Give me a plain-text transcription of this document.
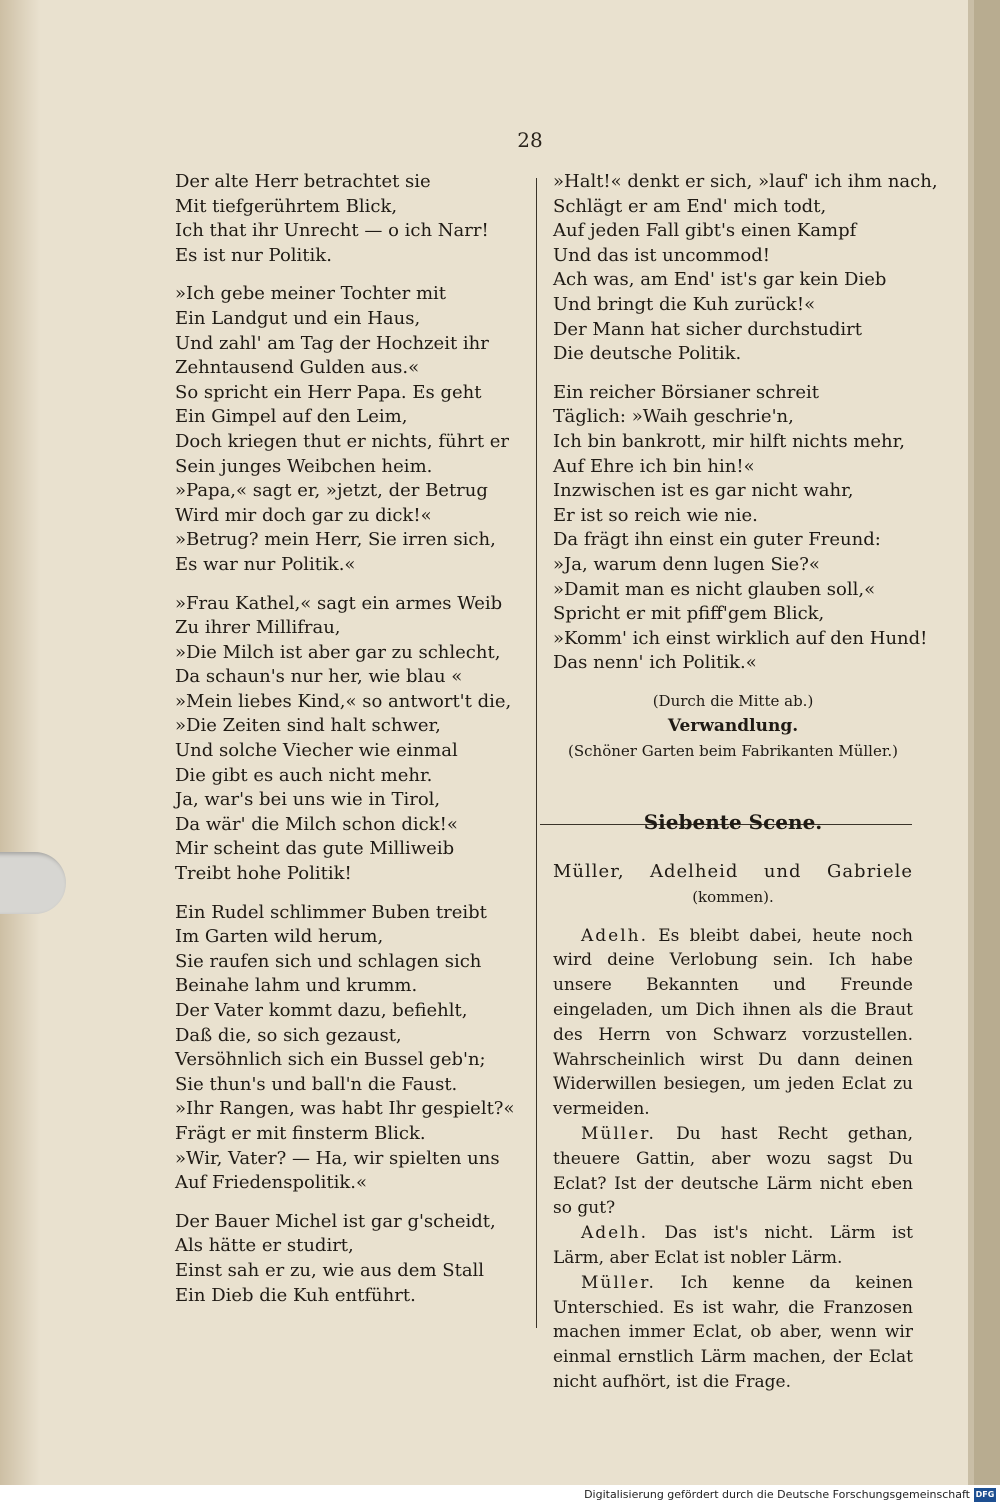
28
Der alte Herr betrachtet sie
Mit tiefgerührtem Blick,
Ich that ihr Unrecht — o ich Narr!
Es ist nur Politik.
»Ich gebe meiner Tochter mit
Ein Landgut und ein Haus,
Und zahl' am Tag der Hochzeit ihr
Zehntausend Gulden aus.«
So spricht ein Herr Papa. Es geht
Ein Gimpel auf den Leim,
Doch kriegen thut er nichts, führt er
Sein junges Weibchen heim.
»Papa,« sagt er, »jetzt, der Betrug
Wird mir doch gar zu dick!«
»Betrug? mein Herr, Sie irren sich,
Es war nur Politik.«
»Frau Kathel,« sagt ein armes Weib
Zu ihrer Millifrau,
»Die Milch ist aber gar zu schlecht,
Da schaun's nur her, wie blau «
»Mein liebes Kind,« so antwort't die,
»Die Zeiten sind halt schwer,
Und solche Viecher wie einmal
Die gibt es auch nicht mehr.
Ja, war's bei uns wie in Tirol,
Da wär' die Milch schon dick!«
Mir scheint das gute Milliweib
Treibt hohe Politik!
Ein Rudel schlimmer Buben treibt
Im Garten wild herum,
Sie raufen sich und schlagen sich
Beinahe lahm und krumm.
Der Vater kommt dazu, befiehlt,
Daß die, so sich gezaust,
Versöhnlich sich ein Bussel geb'n;
Sie thun's und ball'n die Faust.
»Ihr Rangen, was habt Ihr gespielt?«
Frägt er mit finsterm Blick.
»Wir, Vater? — Ha, wir spielten uns
Auf Friedenspolitik.«
Der Bauer Michel ist gar g'scheidt,
Als hätte er studirt,
Einst sah er zu, wie aus dem Stall
Ein Dieb die Kuh entführt.
»Halt!« denkt er sich, »lauf' ich ihm nach,
Schlägt er am End' mich todt,
Auf jeden Fall gibt's einen Kampf
Und das ist uncommod!
Ach was, am End' ist's gar kein Dieb
Und bringt die Kuh zurück!«
Der Mann hat sicher durchstudirt
Die deutsche Politik.
Ein reicher Börsianer schreit
Täglich: »Waih geschrie'n,
Ich bin bankrott, mir hilft nichts mehr,
Auf Ehre ich bin hin!«
Inzwischen ist es gar nicht wahr,
Er ist so reich wie nie.
Da frägt ihn einst ein guter Freund:
»Ja, warum denn lugen Sie?«
»Damit man es nicht glauben soll,«
Spricht er mit pfiff'gem Blick,
»Komm' ich einst wirklich auf den Hund!
Das nenn' ich Politik.«
(Durch die Mitte ab.)
Verwandlung.
(Schöner Garten beim Fabrikanten Müller.)
Siebente Scene.
Müller, Adelheid und Gabriele
(kommen).

Adelh. Es bleibt dabei, heute noch wird deine Verlobung sein. Ich habe unsere Bekannten und Freunde eingeladen, um Dich ihnen als die Braut des Herrn von Schwarz vorzustellen. Wahrscheinlich wirst Du dann deinen Widerwillen besiegen, um jeden Eclat zu vermeiden.

Müller. Du hast Recht gethan, theuere Gattin, aber wozu sagst Du Eclat? Ist der deutsche Lärm nicht eben so gut?

Adelh. Das ist's nicht. Lärm ist Lärm, aber Eclat ist nobler Lärm.

Müller. Ich kenne da keinen Unterschied. Es ist wahr, die Franzosen machen immer Eclat, ob aber, wenn wir einmal ernstlich Lärm machen, der Eclat nicht aufhört, ist die Frage.

Digitalisierung gefördert durch die Deutsche Forschungsgemeinschaft DFG
